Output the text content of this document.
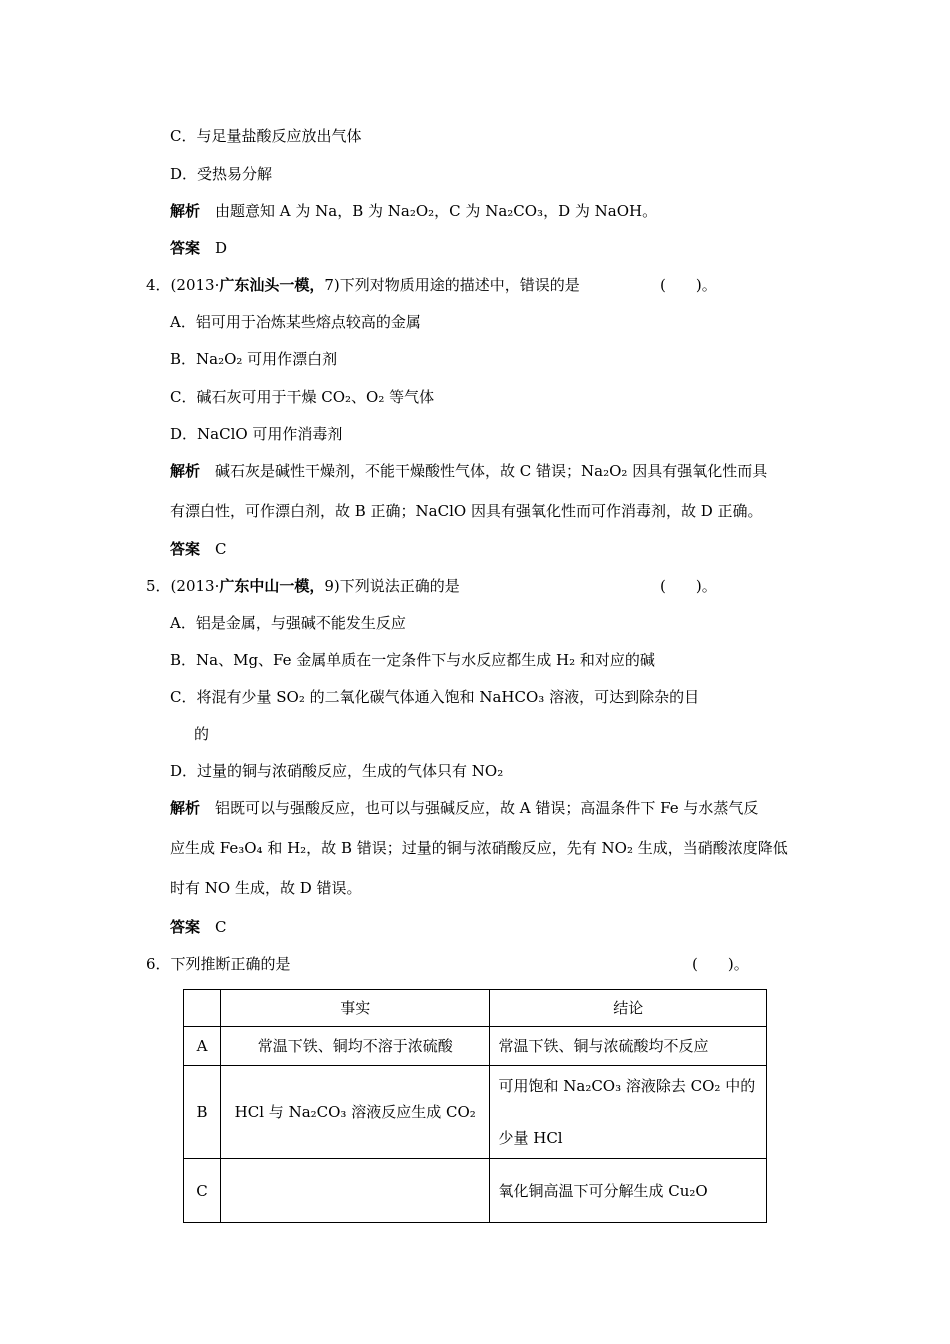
C．与足量盐酸反应放出气体
D．受热易分解
解析　 由题意知 A 为 Na，B 为 Na₂O₂，C 为 Na₂CO₃，D 为 NaOH。
答案　 D
4．(2013·广东汕头一模，7)下列对物质用途的描述中，错误的是	(　　)。
A．铝可用于冶炼某些熔点较高的金属
B．Na₂O₂ 可用作漂白剂
C．碱石灰可用于干燥 CO₂、O₂ 等气体
D．NaClO 可用作消毒剂
解析　 碱石灰是碱性干燥剂，不能干燥酸性气体，故 C 错误；Na₂O₂ 因具有强氧化性而具
有漂白性，可作漂白剂，故 B 正确；NaClO 因具有强氧化性而可作消毒剂，故 D 正确。
答案　 C
5．(2013·广东中山一模，9)下列说法正确的是	(　　)。
A．铝是金属，与强碱不能发生反应
B．Na、Mg、Fe 金属单质在一定条件下与水反应都生成 H₂ 和对应的碱
C．将混有少量 SO₂ 的二氧化碳气体通入饱和 NaHCO₃ 溶液，可达到除杂的目
的
D．过量的铜与浓硝酸反应，生成的气体只有 NO₂
解析　 铝既可以与强酸反应，也可以与强碱反应，故 A 错误；高温条件下 Fe 与水蒸气反
应生成 Fe₃O₄ 和 H₂，故 B 错误；过量的铜与浓硝酸反应，先有 NO₂ 生成，当硝酸浓度降低
时有 NO 生成，故 D 错误。
答案　 C
6．下列推断正确的是	(　　)。
	事实	结论
A	常温下铁、铜均不溶于浓硫酸	常温下铁、铜与浓硫酸均不反应
B	HCl 与 Na₂CO₃ 溶液反应生成 CO₂	可用饱和 Na₂CO₃ 溶液除去 CO₂ 中的
少量 HCl

C		氧化铜高温下可分解生成 Cu₂O
